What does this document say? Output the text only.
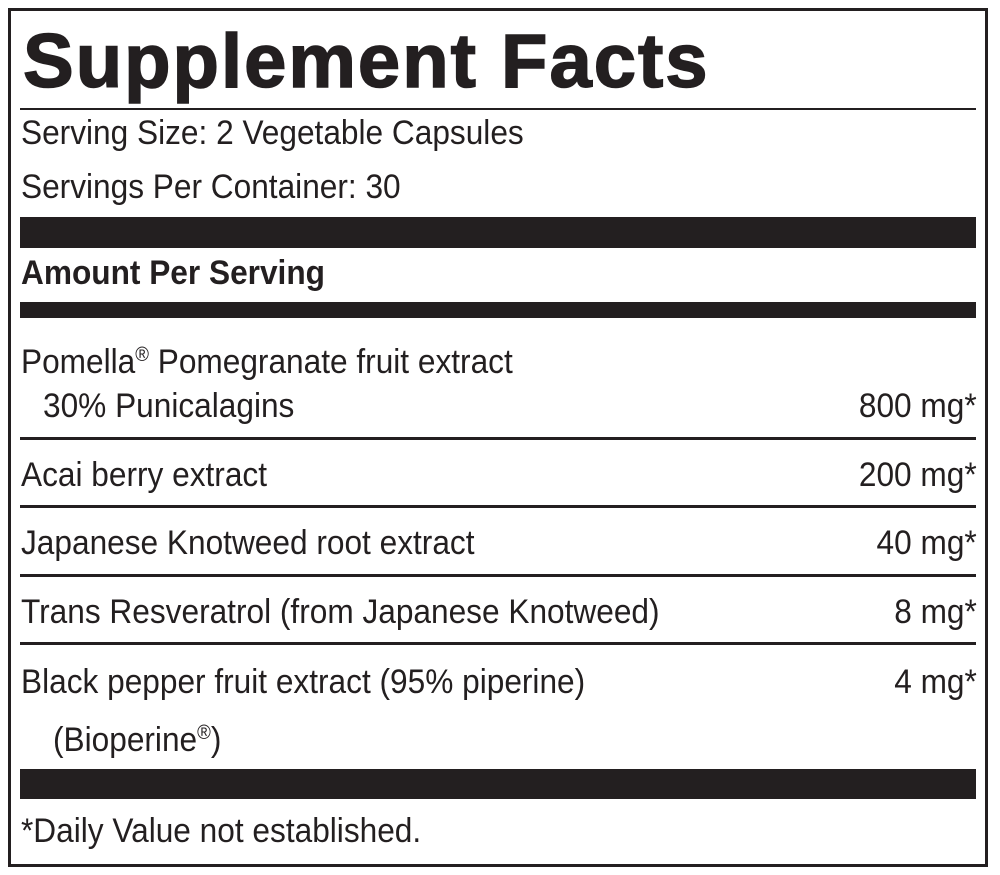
Supplement Facts
Serving Size: 2 Vegetable Capsules
Servings Per Container: 30
Amount Per Serving
Pomella® Pomegranate fruit extract
30% Punicalagins	800 mg*
Acai berry extract	200 mg*
Japanese Knotweed root extract	40 mg*
Trans Resveratrol (from Japanese Knotweed)	8 mg*
Black pepper fruit extract (95% piperine)	4 mg*
(Bioperine®)
*Daily Value not established.
